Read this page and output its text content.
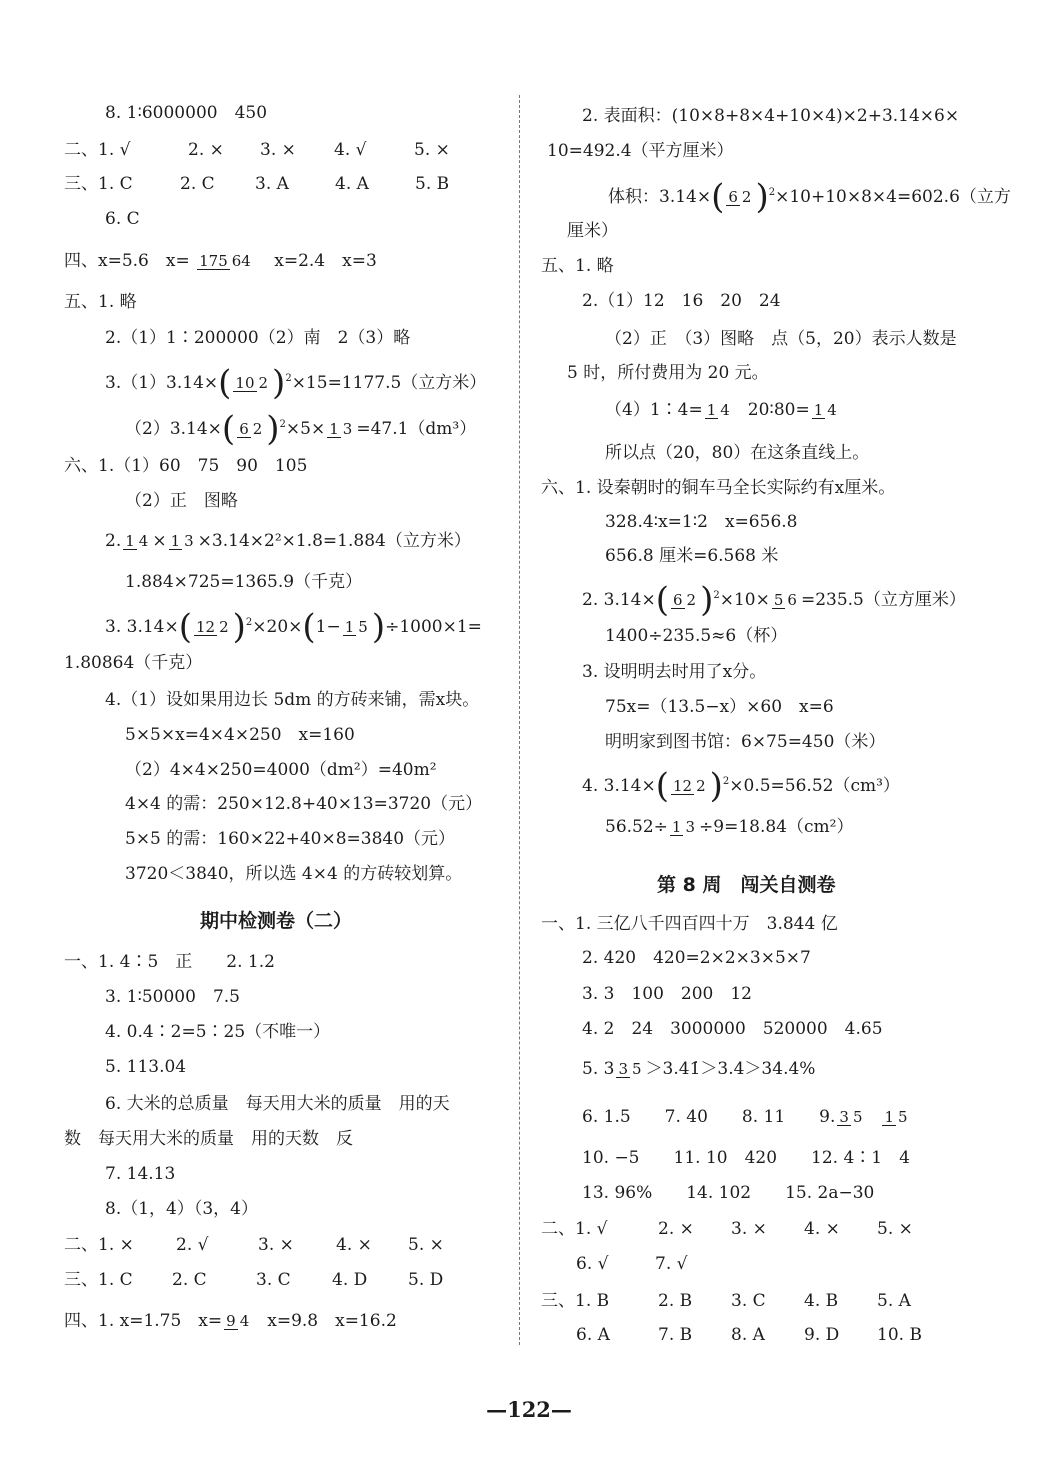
8. 1∶6000000　450
二、1. √	2. × 3. × 4. √	5. ×
三、1. C	2. C 3. A	4. A	5. B
6. C
四、x=5.6　x= 175 64 x=2.4　x=3
五、1. 略
2.（1）1∶200000（2）南　2（3）略
3.（1）3.14×( 10 2 )$^2$×15=1177.5（立方米）
（2）3.14×( 6 2 )$^2$×5× 1 3 =47.1（dm³）
六、1.（1）60　75　90　105
（2）正　图略
2. 1 4 × 1 3 ×3.14×2²×1.8=1.884（立方米）
1.884×725=1365.9（千克）
3. 3.14×( 12 2 )$^2$×20×(1− 1 5 )÷1000×1=
1.80864（千克）
4.（1）设如果用边长 5dm 的方砖来铺，需x块。
5×5×x=4×4×250　x=160
（2）4×4×250=4000（dm²）=40m²
4×4 的需：250×12.8+40×13=3720（元）
5×5 的需：160×22+40×8=3840（元）
3720＜3840，所以选 4×4 的方砖较划算。
期中检测卷（二）
一、1. 4∶5　正　　2. 1.2
3. 1∶50000　7.5
4. 0.4∶2=5∶25（不唯一）
5. 113.04
6. 大米的总质量　每天用大米的质量　用的天
数　每天用大米的质量　用的天数　反
7. 14.13
8.（1，4）（3，4）
二、1. × 2. √	3. × 4. × 5. ×
三、1. C 2. C	3. C 4. D 5. D
四、1. x=1.75　x= 9 4 x=9.8　x=16.2
2. 表面积：(10×8+8×4+10×4)×2+3.14×6×
10=492.4（平方厘米）
体积：3.14×( 6 2 )$^2$×10+10×8×4=602.6（立方
厘米）
五、1. 略
2.（1）12　16　20　24
（2）正　（3）图略　点（5，20）表示人数是
5 时，所付费用为 20 元。
（4）1∶4= 1 4 20∶80= 1 4
所以点（20，80）在这条直线上。
六、1. 设秦朝时的铜车马全长实际约有x厘米。
328.4∶x=1∶2　x=656.8
656.8 厘米=6.568 米
2. 3.14×( 6 2 )$^2$×10× 5 6 =235.5（立方厘米）
1400÷235.5≈6（杯）
3. 设明明去时用了x分。
75x=（13.5−x）×60　x=6
明明家到图书馆：6×75=450（米）
4. 3.14×( 12 2 )$^2$×0.5=56.52（cm³）
56.52÷ 1 3 ÷9=18.84（cm²）
第 8 周　闯关自测卷
一、1. 三亿八千四百四十万　3.844 亿
2. 420　420=2×2×3×5×7
3. 3　100　200　12
4. 2　24　3000000　520000　4.65
5. 3 3 5 ＞3.41̇＞3.4＞34.4%
6. 1.5　　7. 40　　8. 11　　9. 3 5 1 5
10. −5　　11. 10　420　　12. 4∶1　4
13. 96%　　14. 102　　15. 2a−30
二、1. √	2. × 3. × 4. × 5. ×
6. √	7. √
三、1. B	2. B 3. C 4. B 5. A
6. A	7. B 8. A 9. D 10. B
—122—
